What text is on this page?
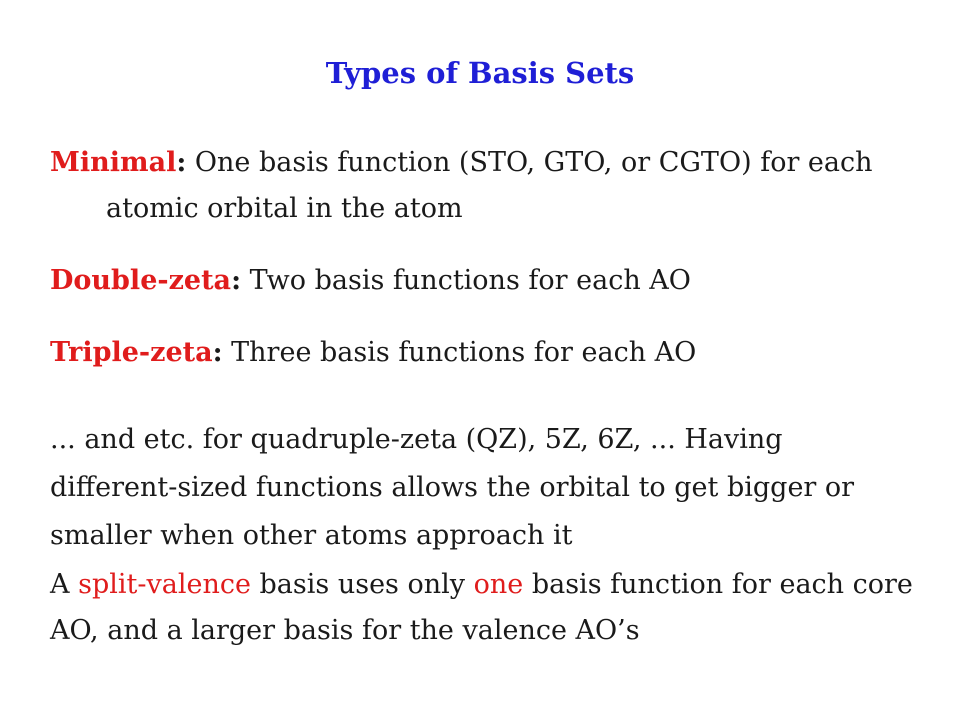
Types of Basis Sets
Minimal: One basis function (STO, GTO, or CGTO) for each
atomic orbital in the atom
Double-zeta: Two basis functions for each AO
Triple-zeta: Three basis functions for each AO
... and etc. for quadruple-zeta (QZ), 5Z, 6Z, ... Having
different-sized functions allows the orbital to get bigger or
smaller when other atoms approach it
A split-valence basis uses only one basis function for each core
AO, and a larger basis for the valence AO’s
